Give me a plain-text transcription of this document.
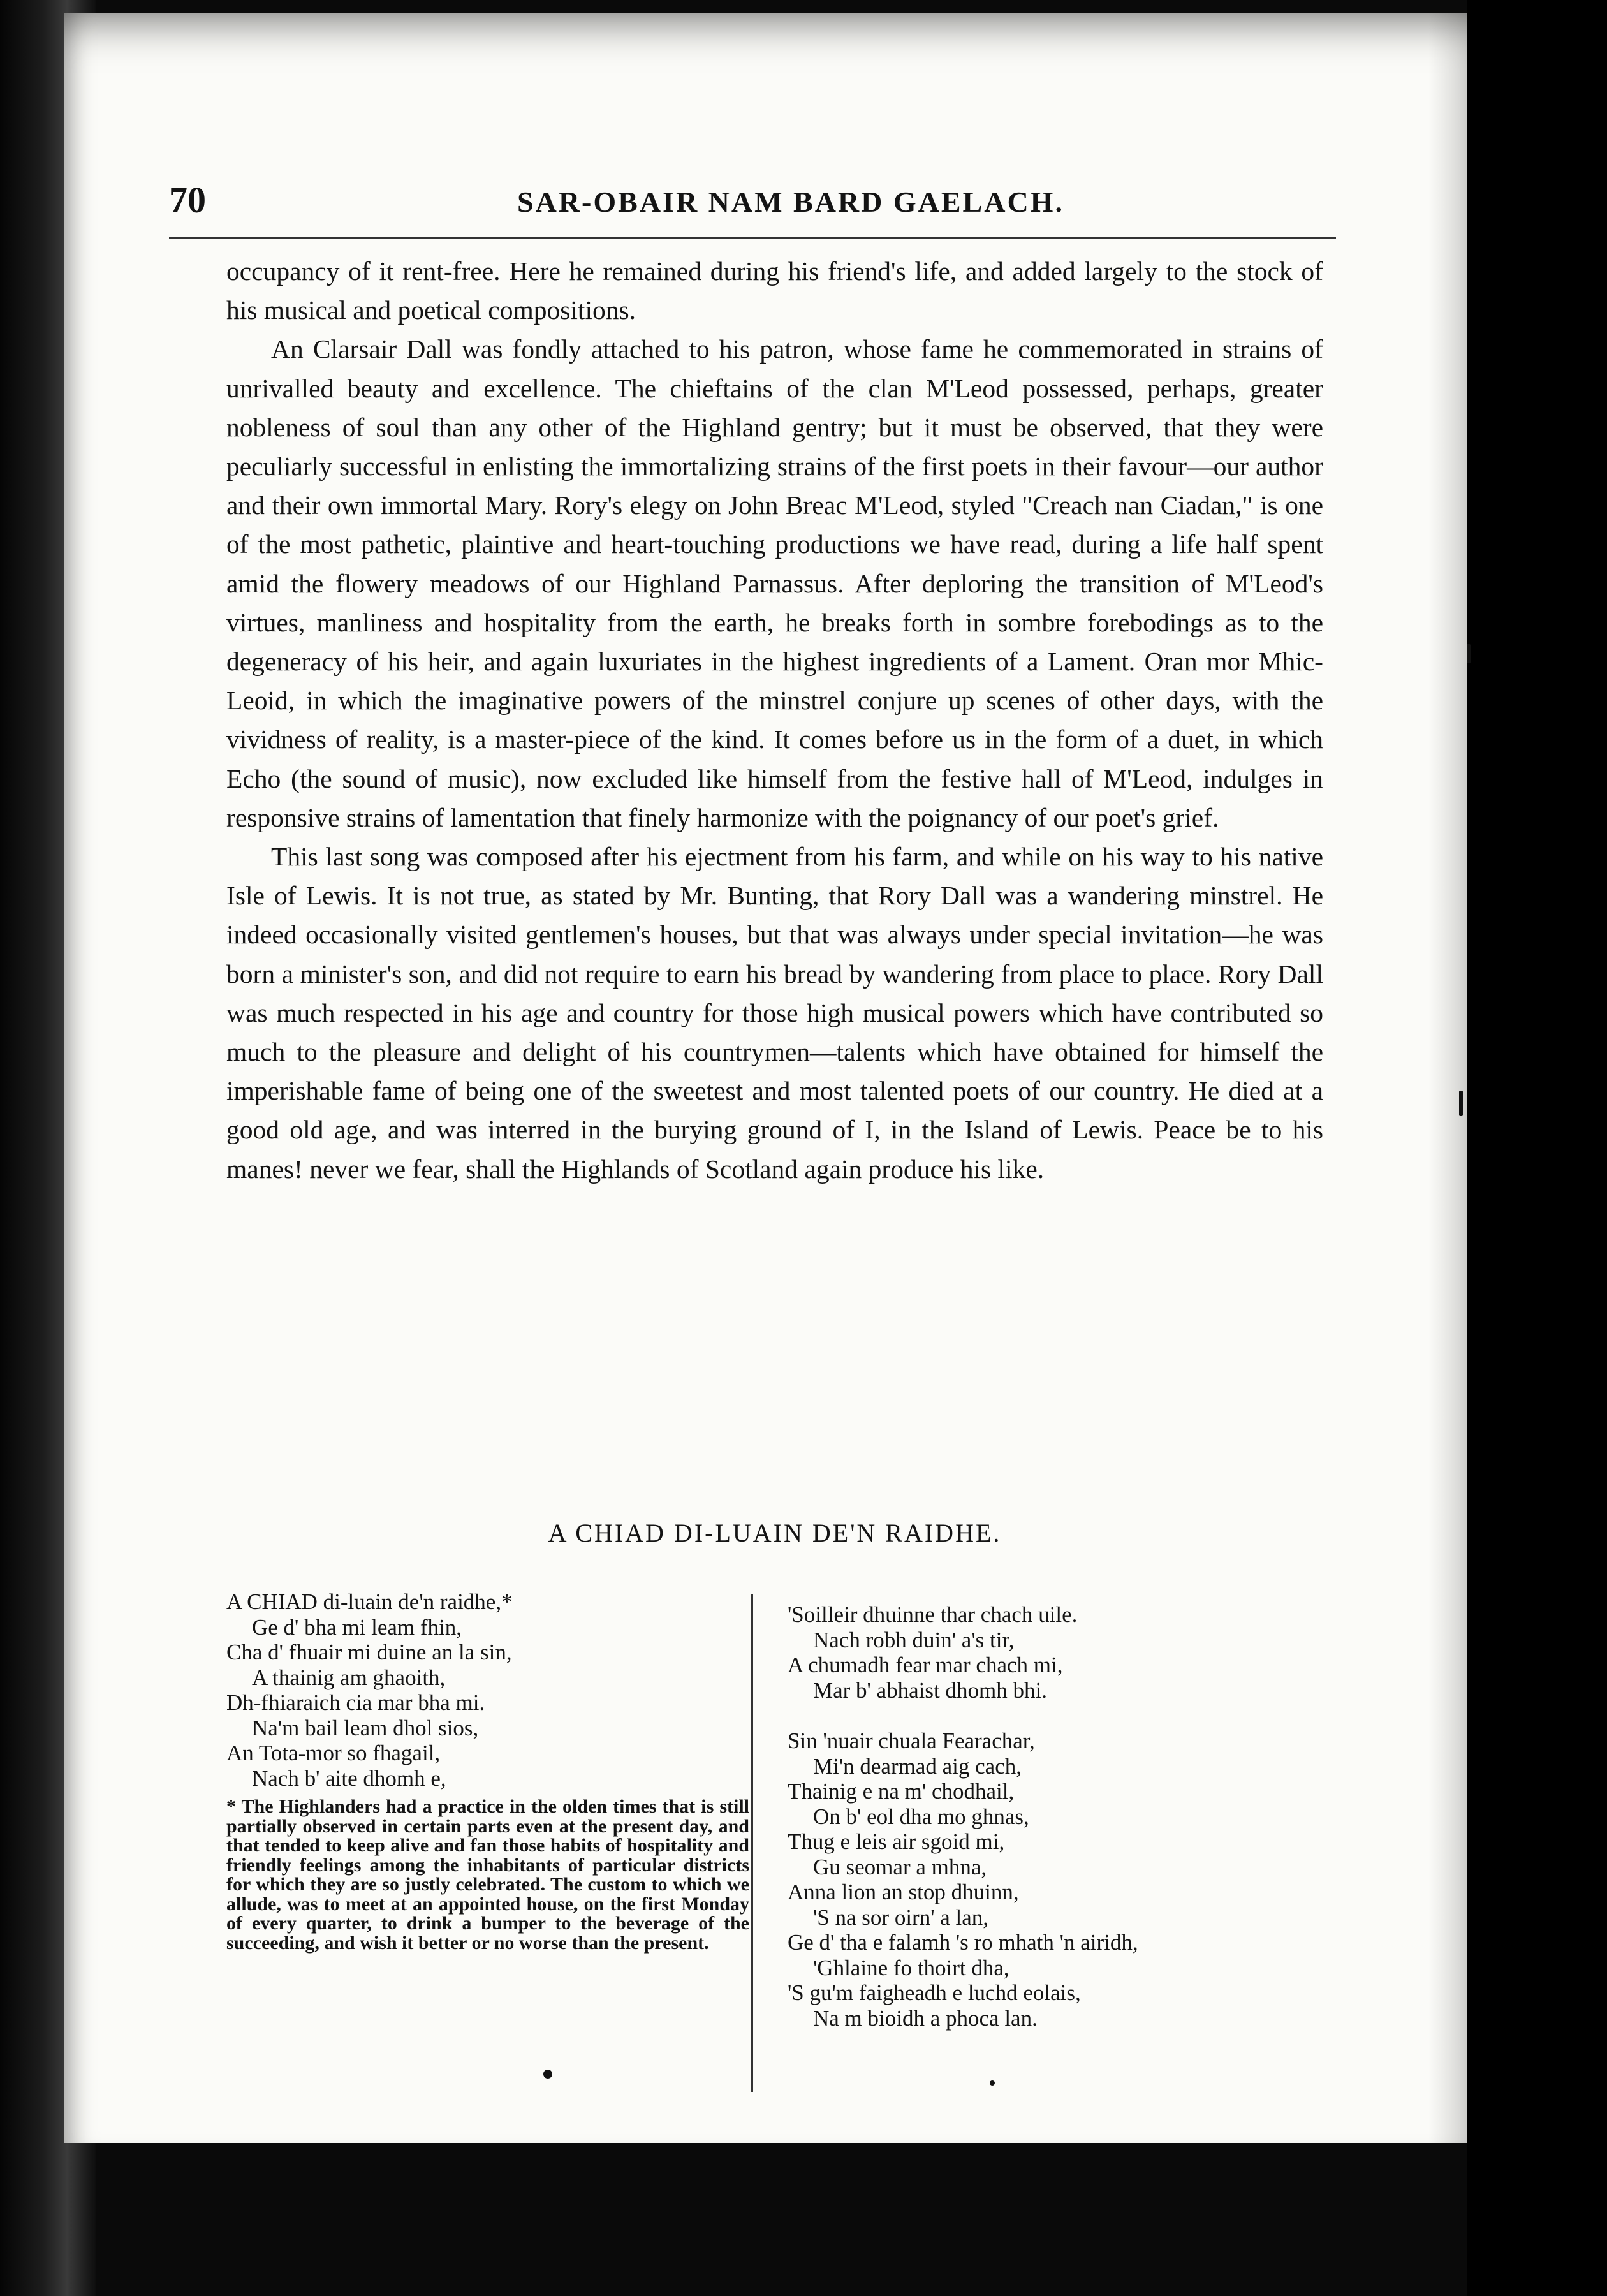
70	SAR-OBAIR NAM BARD GAELACH.

occupancy of it rent-free. Here he remained during his friend's life, and added largely to the stock of his musical and poetical compositions.

An Clarsair Dall was fondly attached to his patron, whose fame he commemorated in strains of unrivalled beauty and excellence. The chieftains of the clan M'Leod possessed, perhaps, greater nobleness of soul than any other of the Highland gentry; but it must be observed, that they were peculiarly successful in enlisting the immortalizing strains of the first poets in their favour—our author and their own immortal Mary. Rory's elegy on John Breac M'Leod, styled "Creach nan Ciadan," is one of the most pathetic, plaintive and heart-touching productions we have read, during a life half spent amid the flowery meadows of our Highland Parnassus. After deploring the transition of M'Leod's virtues, manliness and hospitality from the earth, he breaks forth in sombre forebodings as to the degeneracy of his heir, and again luxuriates in the highest ingredients of a Lament. Oran mor Mhic-Leoid, in which the imaginative powers of the minstrel conjure up scenes of other days, with the vividness of reality, is a master-piece of the kind. It comes before us in the form of a duet, in which Echo (the sound of music), now excluded like himself from the festive hall of M'Leod, indulges in responsive strains of lamentation that finely harmonize with the poignancy of our poet's grief.

This last song was composed after his ejectment from his farm, and while on his way to his native Isle of Lewis. It is not true, as stated by Mr. Bunting, that Rory Dall was a wandering minstrel. He indeed occasionally visited gentlemen's houses, but that was always under special invitation—he was born a minister's son, and did not require to earn his bread by wandering from place to place. Rory Dall was much respected in his age and country for those high musical powers which have contributed so much to the pleasure and delight of his countrymen—talents which have obtained for himself the imperishable fame of being one of the sweetest and most talented poets of our country. He died at a good old age, and was interred in the burying ground of I, in the Island of Lewis. Peace be to his manes! never we fear, shall the Highlands of Scotland again produce his like.

A CHIAD DI-LUAIN DE'N RAIDHE.
A CHIAD di-luain de'n raidhe,*
Ge d' bha mi leam fhin,
Cha d' fhuair mi duine an la sin,
A thainig am ghaoith,
Dh-fhiaraich cia mar bha mi.
Na'm bail leam dhol sios,
An Tota-mor so fhagail,
Nach b' aite dhomh e,
* The Highlanders had a practice in the olden times that is still partially observed in certain parts even at the present day, and that tended to keep alive and fan those habits of hospitality and friendly feelings among the inhabitants of particular districts for which they are so justly celebrated. The custom to which we allude, was to meet at an appointed house, on the first Monday of every quarter, to drink a bumper to the beverage of the succeeding, and wish it better or no worse than the present.
'Soilleir dhuinne thar chach uile.
Nach robh duin' a's tir,
A chumadh fear mar chach mi,
Mar b' abhaist dhomh bhi.
Sin 'nuair chuala Fearachar,
Mi'n dearmad aig cach,
Thainig e na m' chodhail,
On b' eol dha mo ghnas,
Thug e leis air sgoid mi,
Gu seomar a mhna,
Anna lion an stop dhuinn,
'S na sor oirn' a lan,
Ge d' tha e falamh 's ro mhath 'n airidh,
'Ghlaine fo thoirt dha,
'S gu'm faigheadh e luchd eolais,
Na m bioidh a phoca lan.
